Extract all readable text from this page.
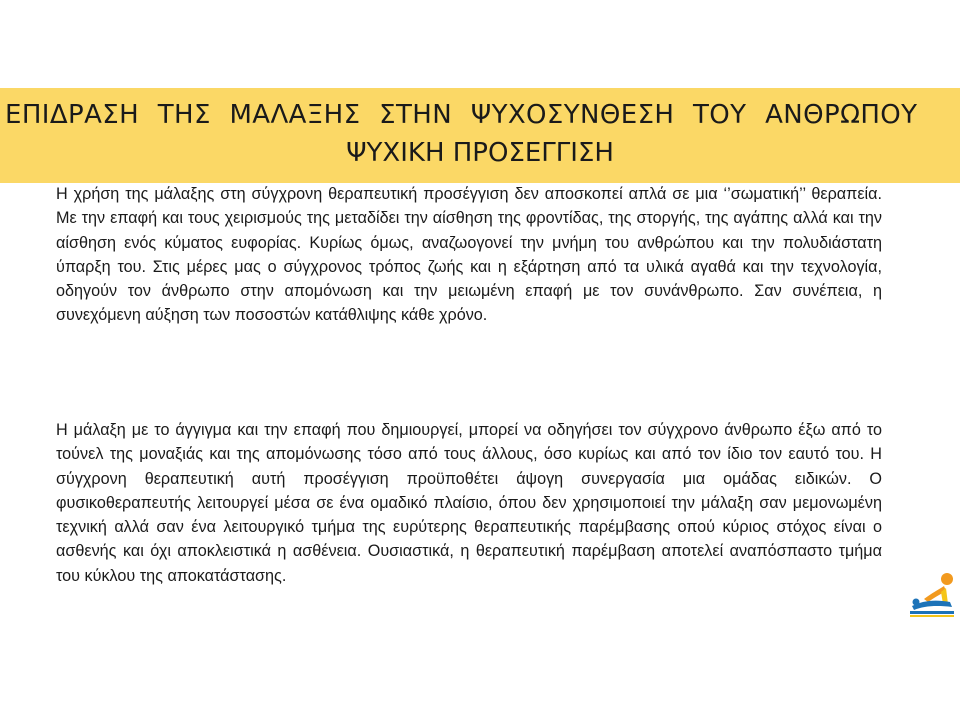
ΕΠΙΔΡΑΣΗ ΤΗΣ ΜΑΛΑΞΗΣ ΣΤΗΝ ΨΥΧΟΣΥΝΘΕΣΗ ΤΟΥ ΑΝΘΡΩΠΟΥ
ΨΥΧΙΚΗ ΠΡΟΣΕΓΓΙΣΗ

Η χρήση της μάλαξης στη σύγχρονη θεραπευτική προσέγγιση δεν αποσκοπεί απλά σε μια ‘’σωματική’’ θεραπεία. Με την επαφή και τους χειρισμούς της μεταδίδει την αίσθηση της φροντίδας, της στοργής, της αγάπης αλλά και την αίσθηση ενός κύματος ευφορίας. Κυρίως όμως, αναζωογονεί την μνήμη του ανθρώπου και την πολυδιάστατη ύπαρξη του. Στις μέρες μας ο σύγχρονος τρόπος ζωής και η εξάρτηση από τα υλικά αγαθά και την τεχνολογία, οδηγούν τον άνθρωπο στην απομόνωση και την μειωμένη επαφή με τον συνάνθρωπο. Σαν συνέπεια, η συνεχόμενη αύξηση των ποσοστών κατάθλιψης κάθε χρόνο.

Η μάλαξη με το άγγιγμα και την επαφή που δημιουργεί, μπορεί να οδηγήσει τον σύγχρονο άνθρωπο έξω από το τούνελ της μοναξιάς και της απομόνωσης τόσο από τους άλλους, όσο κυρίως και από τον ίδιο τον εαυτό του. Η σύγχρονη θεραπευτική αυτή προσέγγιση προϋποθέτει άψογη συνεργασία μια ομάδας ειδικών. Ο φυσικοθεραπευτής λειτουργεί μέσα σε ένα ομαδικό πλαίσιο, όπου δεν χρησιμοποιεί την μάλαξη σαν μεμονωμένη τεχνική αλλά σαν ένα λειτουργικό τμήμα της ευρύτερης θεραπευτικής παρέμβασης οπού κύριος στόχος είναι ο ασθενής και όχι αποκλειστικά η ασθένεια. Ουσιαστικά, η θεραπευτική παρέμβαση αποτελεί αναπόσπαστο τμήμα του κύκλου της αποκατάστασης.
